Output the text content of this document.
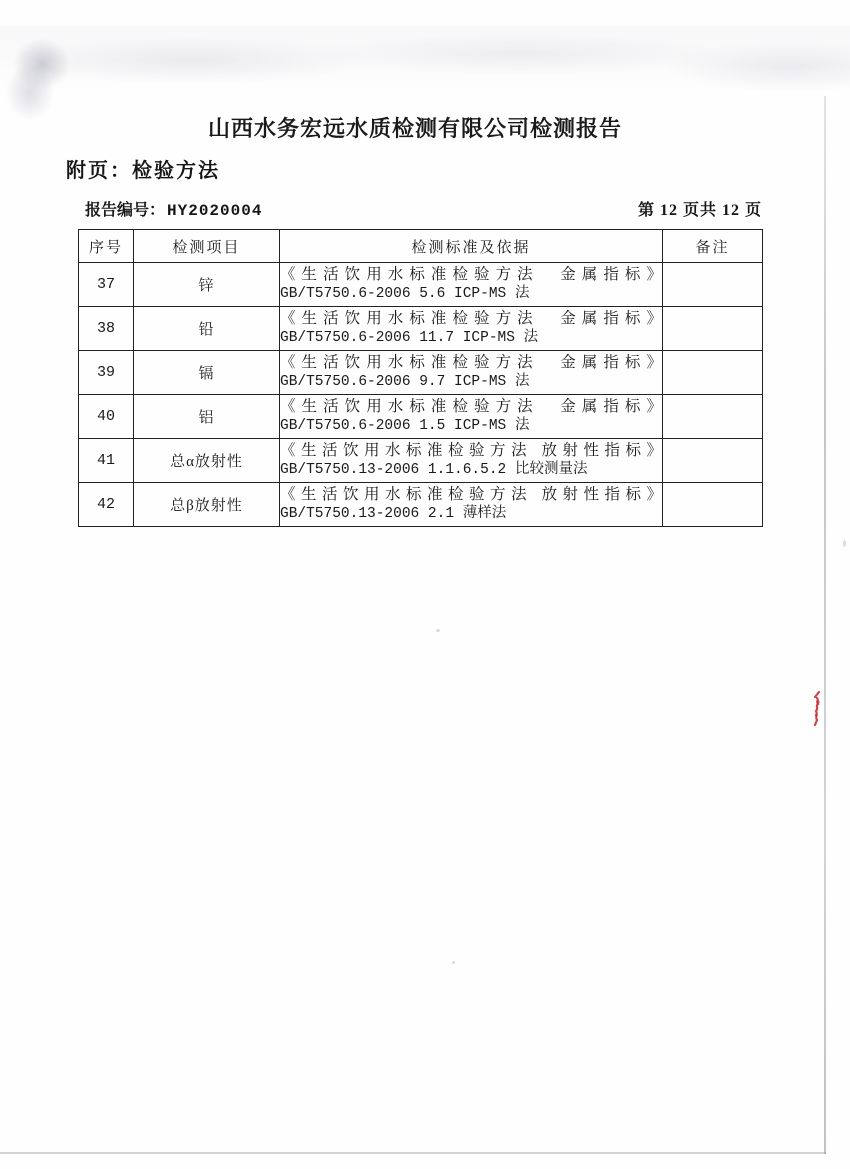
山西水务宏远水质检测有限公司检测报告
附页：检验方法
报告编号： HY2020004	第 12 页共 12 页
序号	检测项目	检测标准及依据	备注
37	锌	《生活饮用水标准检验方法　金属指标》
GB/T5750.6-2006 5.6 ICP-MS 法	

38	铅	《生活饮用水标准检验方法　金属指标》
GB/T5750.6-2006 11.7 ICP-MS 法	

39	镉	《生活饮用水标准检验方法　金属指标》
GB/T5750.6-2006 9.7 ICP-MS 法	

40	铝	《生活饮用水标准检验方法　金属指标》
GB/T5750.6-2006 1.5 ICP-MS 法	

41	总α放射性	《生活饮用水标准检验方法 放射性指标》
GB/T5750.13-2006 1.1.6.5.2 比较测量法	

42	总β放射性	《生活饮用水标准检验方法 放射性指标》
GB/T5750.13-2006 2.1 薄样法	
